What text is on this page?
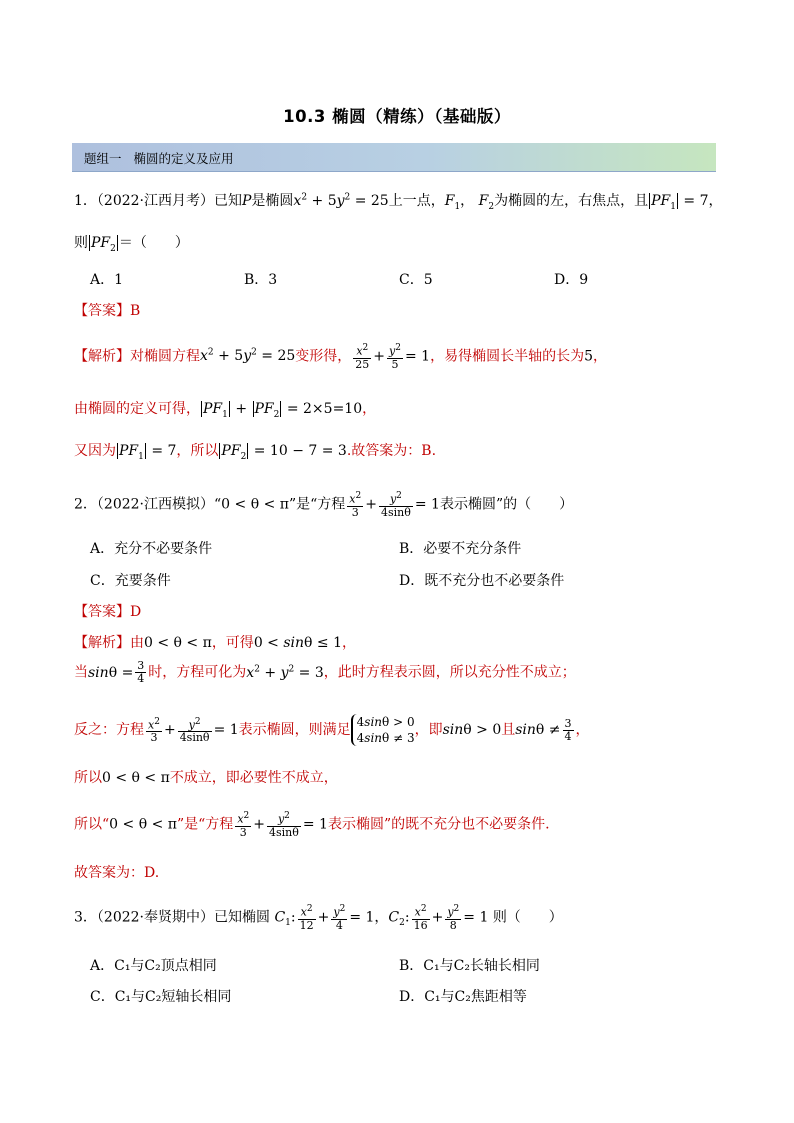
10.3 椭圆（精练）（基础版）
题组一 椭圆的定义及应用
1．（2022·江西月考）已知P是椭圆$x^2 + 5y^2 = 25$上一点，$F_1$， $F_2$为椭圆的左，右焦点，且 $PF_1 = 7$，
则 $PF_2$ ＝（　　）
A．1	B．3	C．5	D．9
【答案】B
【解析】对椭圆方程$x^2 + 5y^2 = 25$变形得， $\frac{x^2}{25} + \frac{y^2}{5} = 1$，易得椭圆长半轴的长为5，
由椭圆的定义可得， $PF_1 + PF_2 = 2\times 5=10$，
又因为 $PF_1 = 7$，所以 $PF_2 = 10 - 7 = 3$.故答案为：B.
2．（2022·江西模拟）“0 < θ < π”是“方程 $\frac{x^2}{3} + \frac{y^2}{4\sin\theta} = 1$表示椭圆”的（　　）
A．充分不必要条件	B．必要不充分条件
C．充要条件	D．既不充分也不必要条件
【答案】D
【解析】由0 < θ < π，可得0 < sinθ ≤ 1，
当$\sin\theta = \frac{3}{4}$ 时，方程可化为$x^2 + y^2 = 3$，此时方程表示圆，所以充分性不成立；
反之：方程 $\frac{x^2}{3} + \frac{y^2}{4\sin\theta} = 1$表示椭圆，则满足 4sinθ > 0
4sinθ ≠ 3，即sinθ > 0且$\sin\theta \ne \frac{3}{4}$ ，
所以0 < θ < π不成立，即必要性不成立，
所以“0 < θ < π”是“方程 $\frac{x^2}{3} + \frac{y^2}{4\sin\theta} = 1$表示椭圆”的既不充分也不必要条件.
故答案为：D.
3．（2022·奉贤期中）已知椭圆 $C_1$: $\frac{x^2}{12} + \frac{y^2}{4} = 1$，$C_2$: $\frac{x^2}{16} + \frac{y^2}{8} = 1$ 则（　　）
A．C₁与C₂顶点相同	B．C₁与C₂长轴长相同
C．C₁与C₂短轴长相同	D．C₁与C₂焦距相等
